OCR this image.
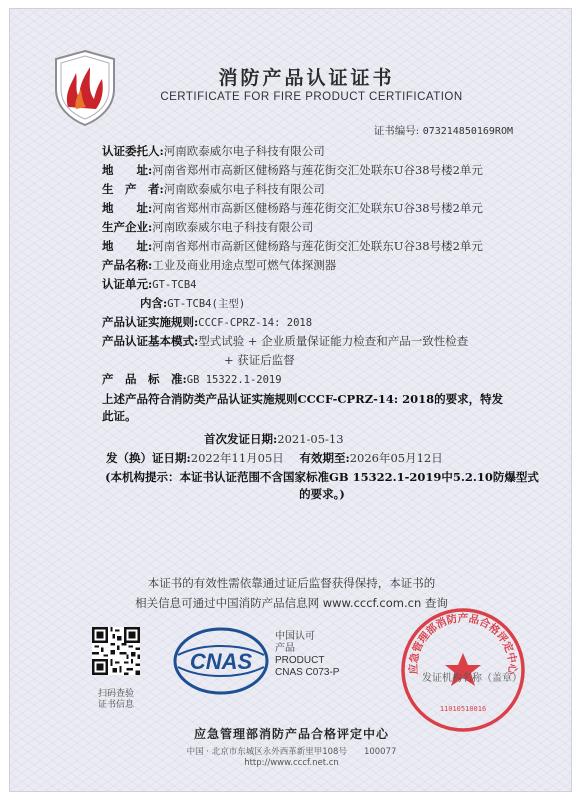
消防产品认证证书
CERTIFICATE FOR FIRE PRODUCT CERTIFICATION
证书编号: 07321485016​9ROM
认证委托人:河南欧泰威尔电子科技有限公司
地　　址:河南省郑州市高新区健杨路与莲花街交汇处联东U谷38号楼2单元
生　产　者:河南欧泰威尔电子科技有限公司
地　　址:河南省郑州市高新区健杨路与莲花街交汇处联东U谷38号楼2单元
生产企业:河南欧泰威尔电子科技有限公司
地　　址:河南省郑州市高新区健杨路与莲花街交汇处联东U谷38号楼2单元
产品名称:工业及商业用途点型可燃气体探测器
认证单元:GT-TCB4
内含:GT-TCB4(主型)
产品认证实施规则:CCCF-CPRZ-14: 2018
产品认证基本模式:型式试验 + 企业质量保证能力检查和产品一致性检查
+ 获证后监督
产　品　标　准:GB 15322.1-2019
上述产品符合消防类产品认证实施规则CCCF-CPRZ-14: 2018的要求，特发
此证。
首次发证日期:2021-05-13
发（换）证日期:2022年11月05日 有效期至:2026年05月12日
(本机构提示：本证书认证范围不含国家标准GB 15322.1-2019中5.2.10防爆型式
的要求。)
本证书的有效性需依靠通过证后监督获得保持，本证书的
相关信息可通过中国消防产品信息网 www.cccf.com.cn 查询
扫码查验
证书信息
CNAS
中国认可
产品
PRODUCT
CNAS C073-P	应急管理部消防产品合格评定中心
11010510016
发证机构名称（盖章）
应急管理部消防产品合格评定中心
中国 · 北京市东城区永外西革新里甲108号　　100077
http://www.cccf.net.cn
